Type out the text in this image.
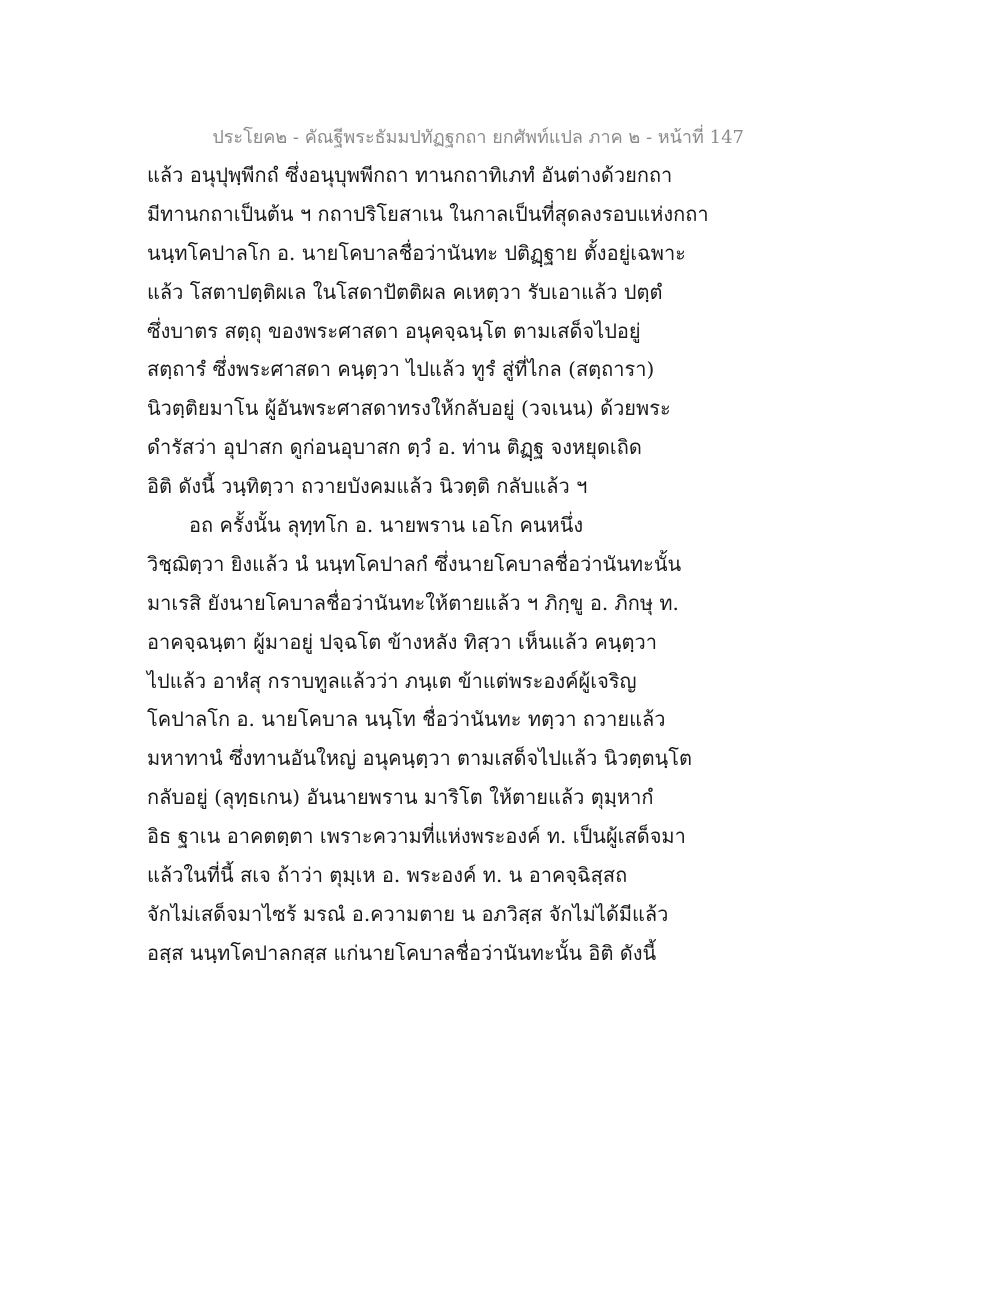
ประโยค๒ - คัณฐีพระธัมมปทัฏฐกถา ยกศัพท์แปล ภาค ๒ - หน้าที่ 147
แล้ว อนุปุพฺพีกถํ ซึ่งอนุบุพพีกถา ทานกถาทิเภทํ อันต่างด้วยกถา
มีทานกถาเป็นต้น ฯ กถาปริโยสาเน ในกาลเป็นที่สุดลงรอบแห่งกถา
นนฺทโคปาลโก อ. นายโคบาลชื่อว่านันทะ ปติฏฺฐาย ตั้งอยู่เฉพาะ
แล้ว โสตาปตฺติผเล ในโสดาปัตติผล คเหตฺวา รับเอาแล้ว ปตฺตํ
ซึ่งบาตร สตฺถุ ของพระศาสดา อนุคจฺฉนฺโต ตามเสด็จไปอยู่
สตฺถารํ ซึ่งพระศาสดา คนฺตฺวา ไปแล้ว ทูรํ สู่ที่ไกล (สตฺถารา)
นิวตฺติยมาโน ผู้อันพระศาสดาทรงให้กลับอยู่ (วจเนน) ด้วยพระ
ดำรัสว่า อุปาสก ดูก่อนอุบาสก ตฺวํ อ. ท่าน ติฏฺฐ จงหยุดเถิด
อิติ ดังนี้ วนฺทิตฺวา ถวายบังคมแล้ว นิวตฺติ กลับแล้ว ฯ
อถ ครั้งนั้น ลุทฺทโก อ. นายพราน เอโก คนหนึ่ง
วิชฺฌิตฺวา ยิงแล้ว นํ นนฺทโคปาลกํ ซึ่งนายโคบาลชื่อว่านันทะนั้น
มาเรสิ ยังนายโคบาลชื่อว่านันทะให้ตายแล้ว ฯ ภิกฺขู อ. ภิกษุ ท.
อาคจฺฉนฺตา ผู้มาอยู่ ปจฺฉโต ข้างหลัง ทิสฺวา เห็นแล้ว คนฺตฺวา
ไปแล้ว อาหํสุ กราบทูลแล้วว่า ภนฺเต ข้าแต่พระองค์ผู้เจริญ
โคปาลโก อ. นายโคบาล นนฺโท ชื่อว่านันทะ ทตฺวา ถวายแล้ว
มหาทานํ ซึ่งทานอันใหญ่ อนุคนฺตฺวา ตามเสด็จไปแล้ว นิวตฺตนฺโต
กลับอยู่ (ลุทฺธเกน) อันนายพราน มาริโต ให้ตายแล้ว ตุมฺหากํ
อิธ ฐาเน อาคตตฺตา เพราะความที่แห่งพระองค์ ท. เป็นผู้เสด็จมา
แล้วในที่นี้ สเจ ถ้าว่า ตุมฺเห อ. พระองค์ ท. น อาคจฺฉิสฺสถ
จักไม่เสด็จมาไซร้ มรณํ อ.ความตาย น อภวิสฺส จักไม่ได้มีแล้ว
อสฺส นนฺทโคปาลกสฺส แก่นายโคบาลชื่อว่านันทะนั้น อิติ ดังนี้
